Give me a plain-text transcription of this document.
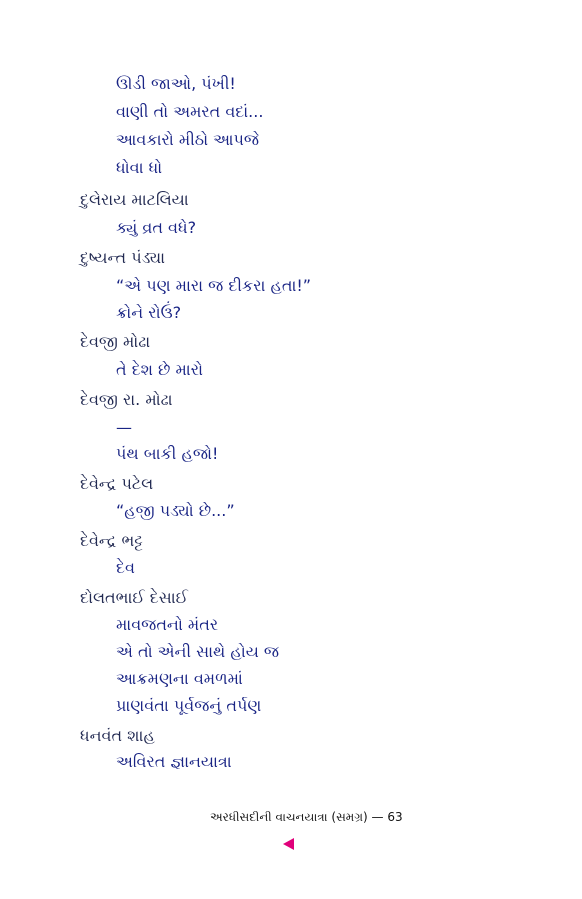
ઊડી જાઓ, પંખી!
વાણી તો અમરત વદાં...
આવકારો મીઠો આપજે
ધોવા ધો
દુલેરાય માટલિયા
ક્યું વ્રત વધે?
દુષ્યન્ત પંડ્યા
“એ પણ મારા જ દીકરા હતા!”
ક્રોને રોઉં?
દેવજી મોઢા
તે દેશ છે મારો
દેવજી રા. મોઢા
—
પંથ બાકી હજો!
દેવેન્દ્ર પટેલ
“હજી પડ્યો છે...”
દેવેન્દ્ર ભટ્ટ
દેવ
દોલતભાઈ દેસાઈ
માવજતનો મંતર
એ તો એની સાથે હોય જ
આક્રમણના વમળમાં
પ્રાણવંતા પૂર્વજનું તર્પણ
ધનવંત શાહ
અવિરત જ્ઞાનયાત્રા
અરધીસદીની વાચનયાત્રા (સમગ્ર) — 63
